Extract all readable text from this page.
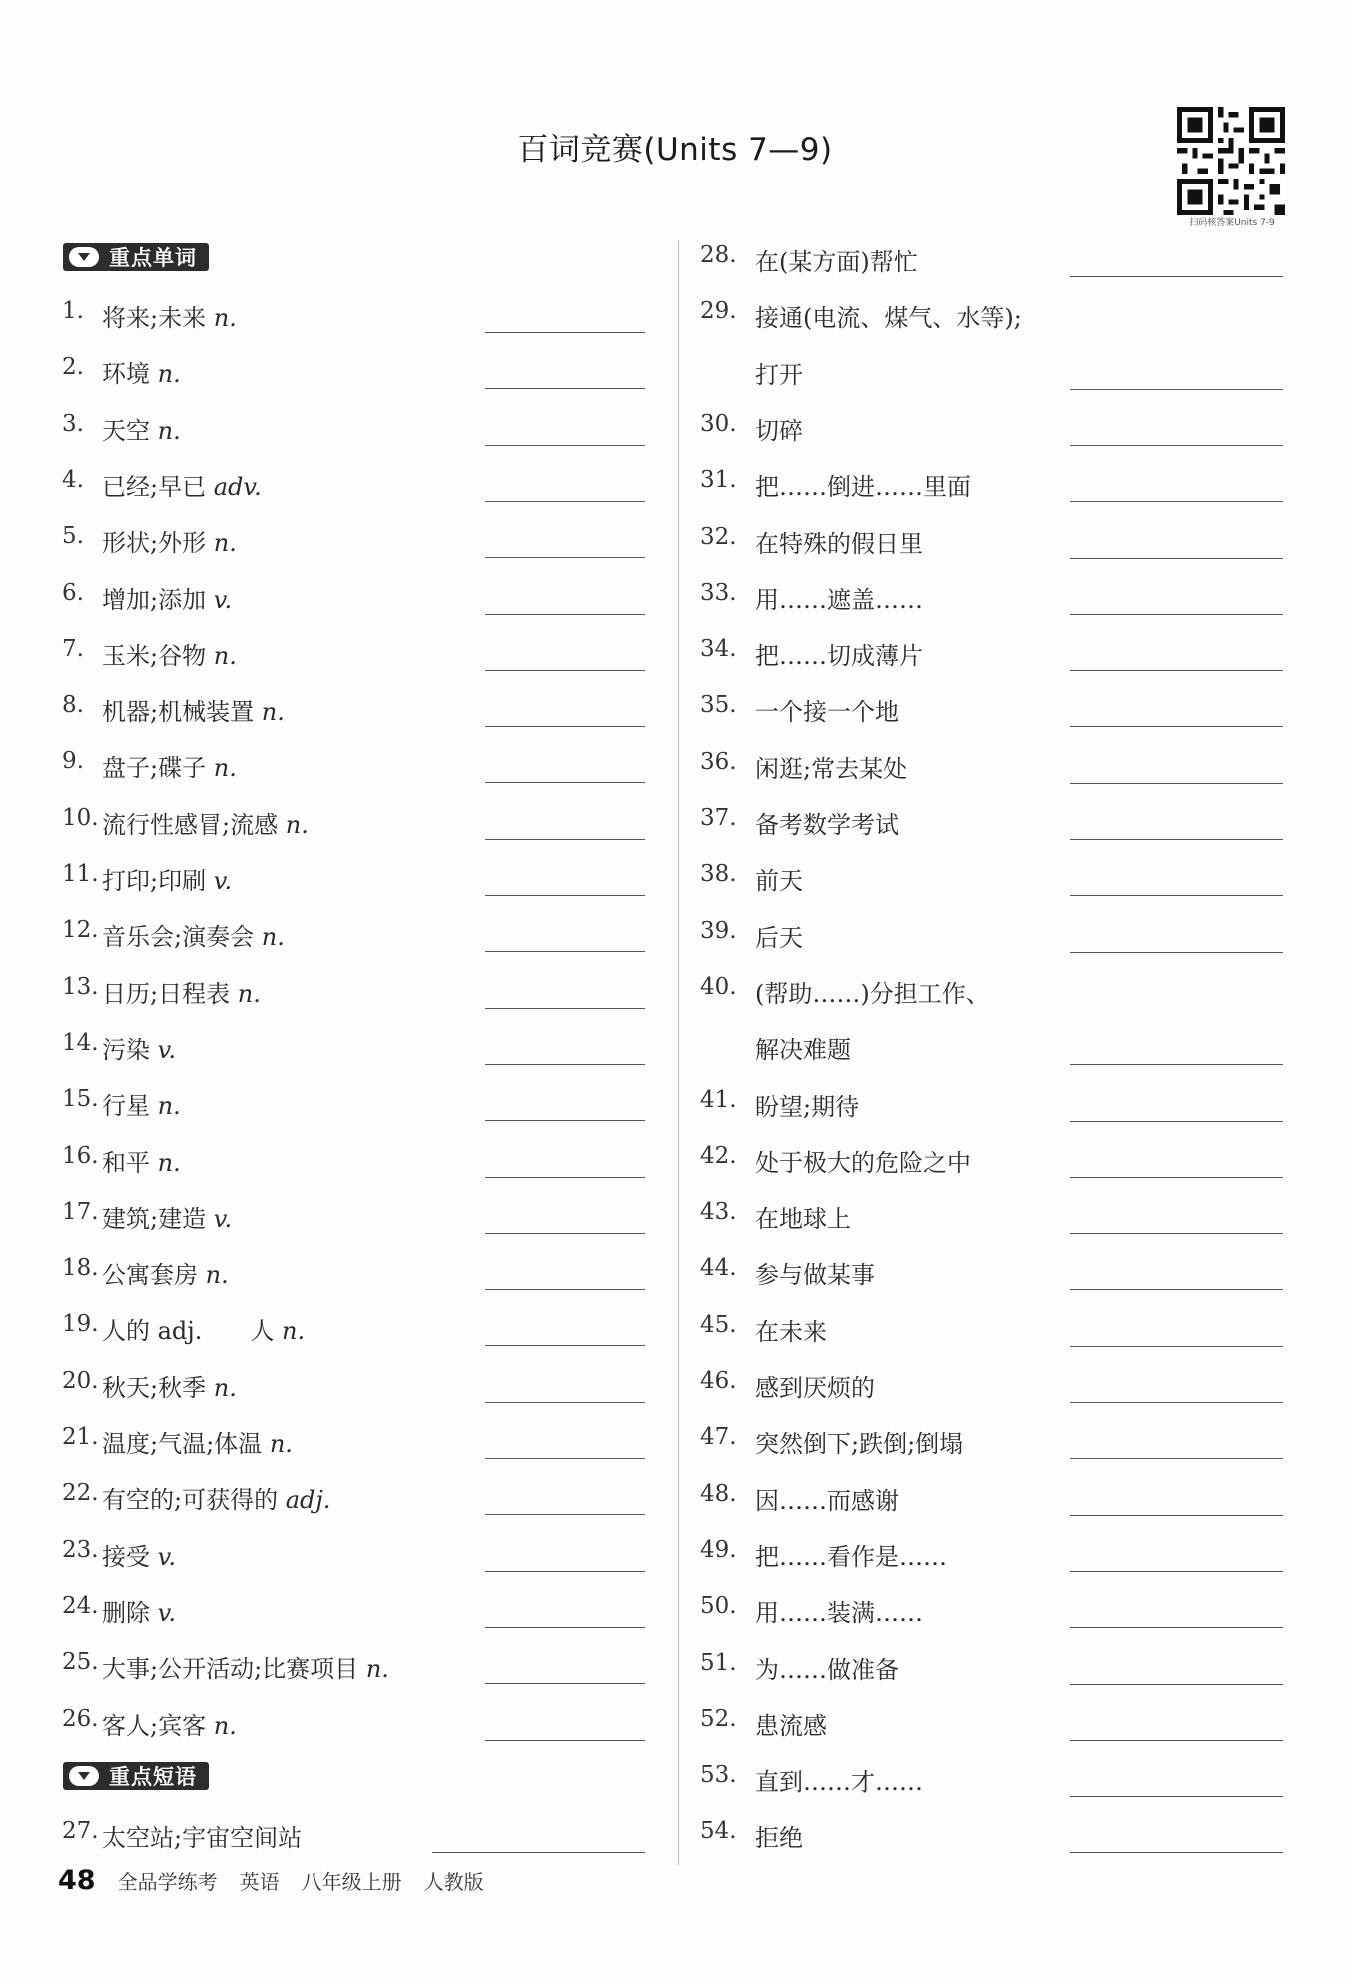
百词竞赛(Units 7—9)
扫码核答案Units 7-9
重点单词
重点短语
1. 将来;未来 n.
2. 环境 n.
3. 天空 n.
4. 已经;早已 adv.
5. 形状;外形 n.
6. 增加;添加 v.
7. 玉米;谷物 n.
8. 机器;机械装置 n.
9. 盘子;碟子 n.
10. 流行性感冒;流感 n.
11. 打印;印刷 v.
12. 音乐会;演奏会 n.
13. 日历;日程表 n.
14. 污染 v.
15. 行星 n.
16. 和平 n.
17. 建筑;建造 v.
18. 公寓套房 n.
19. 人的 adj.　　人 n.
20. 秋天;秋季 n.
21. 温度;气温;体温 n.
22. 有空的;可获得的 adj.
23. 接受 v.
24. 删除 v.
25. 大事;公开活动;比赛项目 n.
26. 客人;宾客 n.
27. 太空站;宇宙空间站
28. 在(某方面)帮忙
29. 接通(电流、煤气、水等);
打开
30. 切碎
31. 把……倒进……里面
32. 在特殊的假日里
33. 用……遮盖……
34. 把……切成薄片
35. 一个接一个地
36. 闲逛;常去某处
37. 备考数学考试
38. 前天
39. 后天
40. (帮助……)分担工作、
解决难题
41. 盼望;期待
42. 处于极大的危险之中
43. 在地球上
44. 参与做某事
45. 在未来
46. 感到厌烦的
47. 突然倒下;跌倒;倒塌
48. 因……而感谢
49. 把……看作是……
50. 用……装满……
51. 为……做准备
52. 患流感
53. 直到……才……
54. 拒绝
48 全品学练考 英语 八年级上册 人教版
